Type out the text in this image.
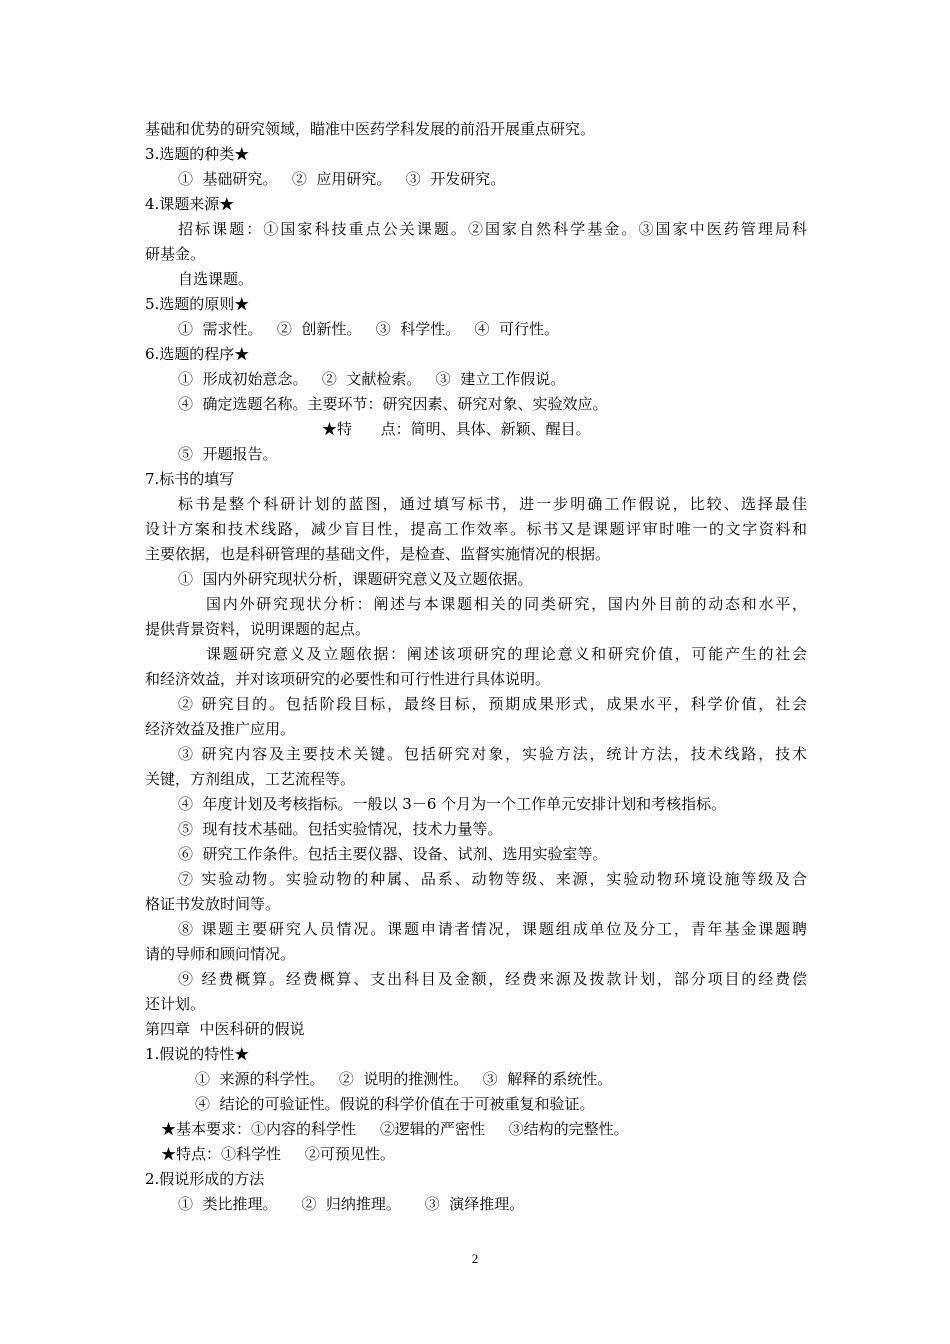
基础和优势的研究领域，瞄准中医药学科发展的前沿开展重点研究。
3.选题的种类★
①  基础研究。   ②  应用研究。   ③  开发研究。
4.课题来源★
招标课题：①国家科技重点公关课题。②国家自然科学基金。③国家中医药管理局科
研基金。
自选课题。
5.选题的原则★
①  需求性。   ②  创新性。   ③  科学性。   ④  可行性。
6.选题的程序★
①  形成初始意念。   ②  文献检索。   ③  建立工作假说。
④  确定选题名称。主要环节：研究因素、研究对象、实验效应。
★特      点：简明、具体、新颖、醒目。
⑤  开题报告。
7.标书的填写
标书是整个科研计划的蓝图，通过填写标书，进一步明确工作假说，比较、选择最佳
设计方案和技术线路，减少盲目性，提高工作效率。标书又是课题评审时唯一的文字资料和
主要依据，也是科研管理的基础文件，是检查、监督实施情况的根据。
①  国内外研究现状分析，课题研究意义及立题依据。
国内外研究现状分析：阐述与本课题相关的同类研究，国内外目前的动态和水平，
提供背景资料，说明课题的起点。
课题研究意义及立题依据：阐述该项研究的理论意义和研究价值，可能产生的社会
和经济效益，并对该项研究的必要性和可行性进行具体说明。
② 研究目的。包括阶段目标，最终目标，预期成果形式，成果水平，科学价值，社会
经济效益及推广应用。
③ 研究内容及主要技术关键。包括研究对象，实验方法，统计方法，技术线路，技术
关键，方剂组成，工艺流程等。
④  年度计划及考核指标。一般以 3－6 个月为一个工作单元安排计划和考核指标。
⑤  现有技术基础。包括实验情况，技术力量等。
⑥  研究工作条件。包括主要仪器、设备、试剂、选用实验室等。
⑦ 实验动物。实验动物的种属、品系、动物等级、来源，实验动物环境设施等级及合
格证书发放时间等。
⑧ 课题主要研究人员情况。课题申请者情况，课题组成单位及分工，青年基金课题聘
请的导师和顾问情况。
⑨ 经费概算。经费概算、支出科目及金额，经费来源及拨款计划，部分项目的经费偿
还计划。
第四章  中医科研的假说
1.假说的特性★
①  来源的科学性。   ②  说明的推测性。   ③  解释的系统性。
④  结论的可验证性。假说的科学价值在于可被重复和验证。
★基本要求：①内容的科学性     ②逻辑的严密性     ③结构的完整性。
★特点：①科学性     ②可预见性。
2.假说形成的方法
①  类比推理。     ②  归纳推理。     ③  演绎推理。
2
